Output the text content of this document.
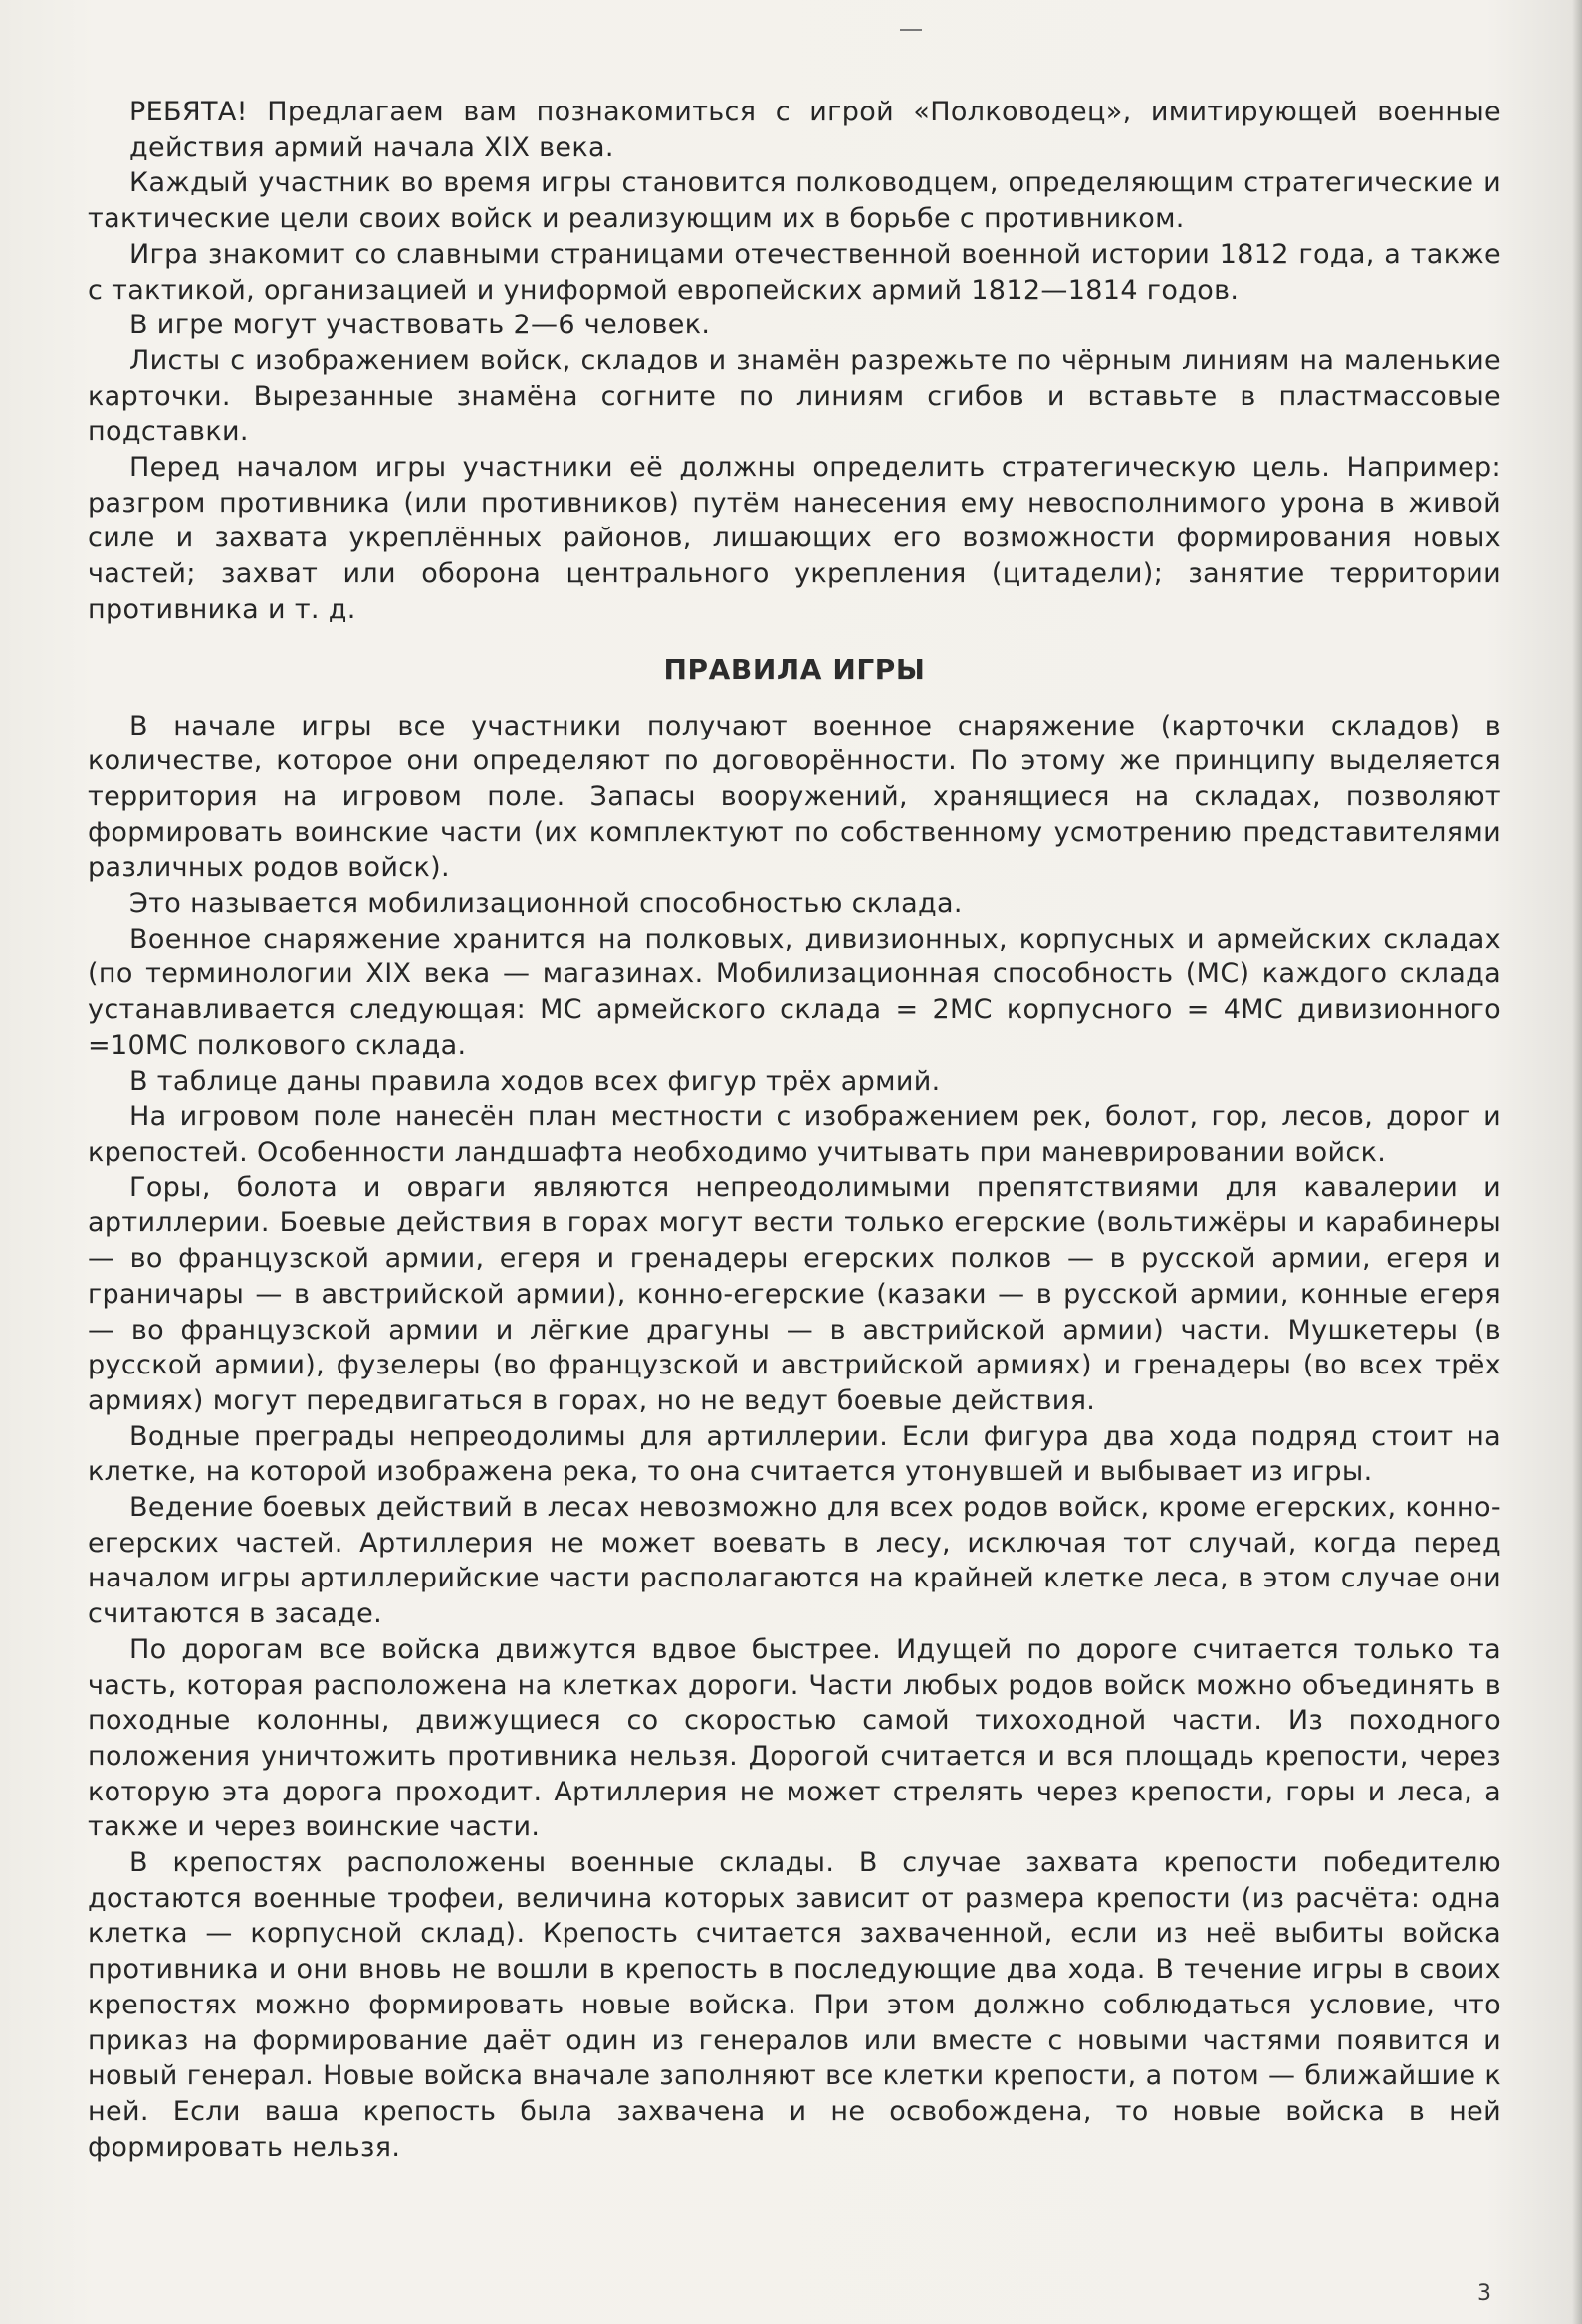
РЕБЯТА! Предлагаем вам познакомиться с игрой «Полководец», имитирующей военные действия армий начала XIX века.

Каждый участник во время игры становится полководцем, определяющим стратегические и тактические цели своих войск и реализующим их в борьбе с противником.

Игра знакомит со славными страницами отечественной военной истории 1812 года, а также с тактикой, организацией и униформой европейских армий 1812—1814 годов.

В игре могут участвовать 2—6 человек.

Листы с изображением войск, складов и знамён разрежьте по чёрным линиям на маленькие карточки. Вырезанные знамёна согните по линиям сгибов и вставьте в пластмассовые подставки.

Перед началом игры участники её должны определить стратегическую цель. Например: разгром противника (или противников) путём нанесения ему невосполнимого урона в живой силе и захвата укреплённых районов, лишающих его возможности формирования новых частей; захват или оборона центрального укрепления (цитадели); занятие территории противника и т. д.

ПРАВИЛА ИГРЫ

В начале игры все участники получают военное снаряжение (карточки складов) в количестве, которое они определяют по договорённости. По этому же принципу выделяется территория на игровом поле. Запасы вооружений, хранящиеся на складах, позволяют формировать воинские части (их комплектуют по собственному усмотрению представителями различных родов войск).

Это называется мобилизационной способностью склада.

Военное снаряжение хранится на полковых, дивизионных, корпусных и армейских складах (по терминологии XIX века — магазинах. Мобилизационная способность (МС) каждого склада устанавливается следующая: МС армейского склада = 2МС корпусного = 4МС дивизионного =10МС полкового склада.

В таблице даны правила ходов всех фигур трёх армий.

На игровом поле нанесён план местности с изображением рек, болот, гор, лесов, дорог и крепостей. Особенности ландшафта необходимо учитывать при маневрировании войск.

Горы, болота и овраги являются непреодолимыми препятствиями для кавалерии и артиллерии. Боевые действия в горах могут вести только егерские (вольтижёры и карабинеры — во французской армии, егеря и гренадеры егерских полков — в русской армии, егеря и граничары — в австрийской армии), конно-егерские (казаки — в русской армии, конные егеря — во французской армии и лёгкие драгуны — в австрийской армии) части. Мушкетеры (в русской армии), фузелеры (во французской и австрийской армиях) и гренадеры (во всех трёх армиях) могут передвигаться в горах, но не ведут боевые действия.

Водные преграды непреодолимы для артиллерии. Если фигура два хода подряд стоит на клетке, на которой изображена река, то она считается утонувшей и выбывает из игры.

Ведение боевых действий в лесах невозможно для всех родов войск, кроме егерских, конно-егерских частей. Артиллерия не может воевать в лесу, исключая тот случай, когда перед началом игры артиллерийские части располагаются на крайней клетке леса, в этом случае они считаются в засаде.

По дорогам все войска движутся вдвое быстрее. Идущей по дороге считается только та часть, которая расположена на клетках дороги. Части любых родов войск можно объединять в походные колонны, движущиеся со скоростью самой тихоходной части. Из походного положения уничтожить противника нельзя. Дорогой считается и вся площадь крепости, через которую эта дорога проходит. Артиллерия не может стрелять через крепости, горы и леса, а также и через воинские части.

В крепостях расположены военные склады. В случае захвата крепости победителю достаются военные трофеи, величина которых зависит от размера крепости (из расчёта: одна клетка — корпусной склад). Крепость считается захваченной, если из неё выбиты войска противника и они вновь не вошли в крепость в последующие два хода. В течение игры в своих крепостях можно формировать новые войска. При этом должно соблюдаться условие, что приказ на формирование даёт один из генералов или вместе с новыми частями появится и новый генерал. Новые войска вначале заполняют все клетки крепости, а потом — ближайшие к ней. Если ваша крепость была захвачена и не освобождена, то новые войска в ней формировать нельзя.

3
